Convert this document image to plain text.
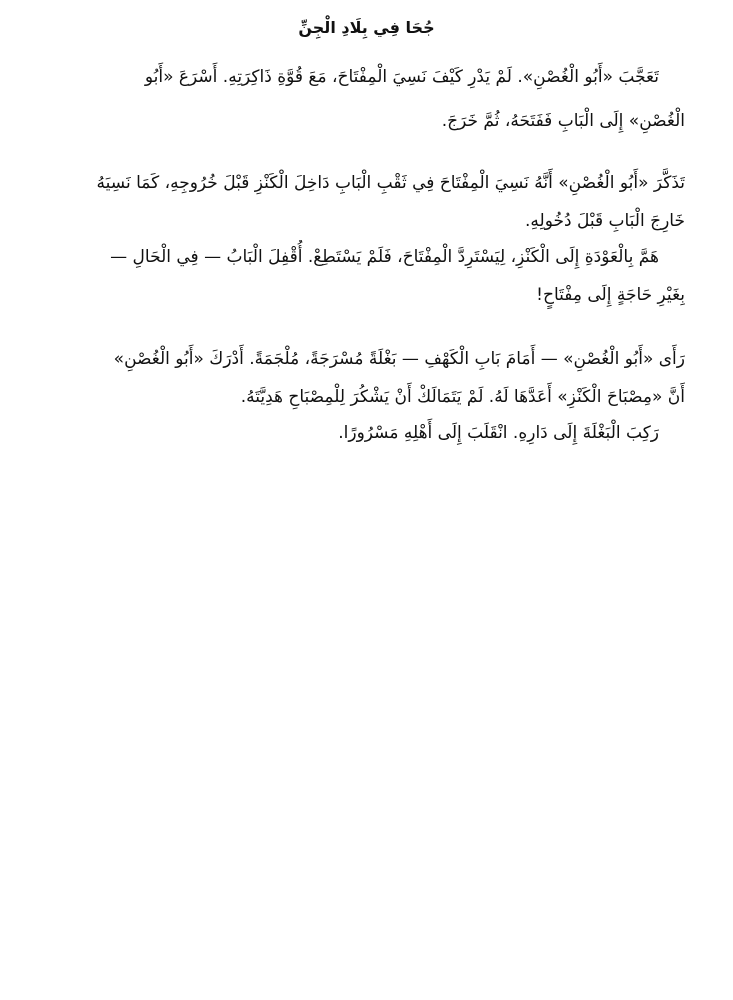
جُحَا فِي بِلَادِ الْجِنِّ

تَعَجَّبَ «أَبُو الْغُصْنِ». لَمْ يَدْرِ كَيْفَ نَسِيَ الْمِفْتَاحَ، مَعَ قُوَّةِ ذَاكِرَتِهِ. أَسْرَعَ «أَبُو

الْغُصْنِ» إِلَى الْبَابِ فَفَتَحَهُ، ثُمَّ خَرَجَ.

تَذَكَّرَ «أَبُو الْغُصْنِ» أَنَّهُ نَسِيَ الْمِفْتَاحَ فِي ثَقْبِ الْبَابِ دَاخِلَ الْكَنْزِ قَبْلَ خُرُوجِهِ، كَمَا نَسِيَهُ

خَارِجَ الْبَابِ قَبْلَ دُخُولِهِ.

هَمَّ بِالْعَوْدَةِ إِلَى الْكَنْزِ، لِيَسْتَرِدَّ الْمِفْتَاحَ، فَلَمْ يَسْتَطِعْ. أُقْفِلَ الْبَابُ — فِي الْحَالِ —

بِغَيْرِ حَاجَةٍ إِلَى مِفْتَاحٍ!

رَأَى «أَبُو الْغُصْنِ» — أَمَامَ بَابِ الْكَهْفِ — بَغْلَةً مُسْرَجَةً، مُلْجَمَةً. أَدْرَكَ «أَبُو الْغُصْنِ»

أَنَّ «مِصْبَاحَ الْكَنْزِ» أَعَدَّهَا لَهُ. لَمْ يَتَمَالَكْ أَنْ يَشْكُرَ لِلْمِصْبَاحِ هَدِيَّتَهُ.

رَكِبَ الْبَغْلَةَ إِلَى دَارِهِ. انْقَلَبَ إِلَى أَهْلِهِ مَسْرُورًا.
